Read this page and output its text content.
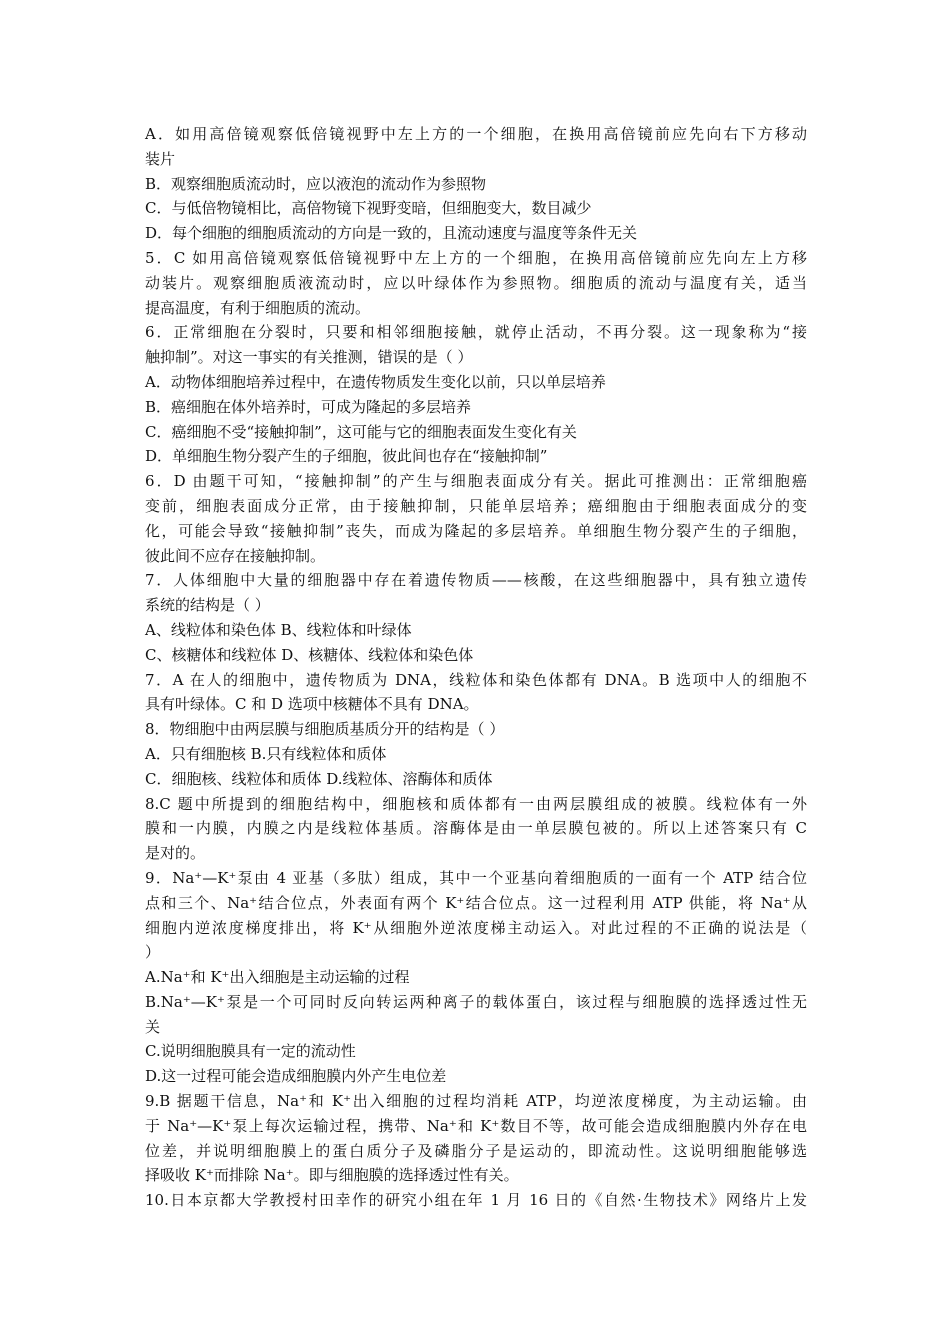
A．如用高倍镜观察低倍镜视野中左上方的一个细胞，在换用高倍镜前应先向右下方移动
装片
B．观察细胞质流动时，应以液泡的流动作为参照物
C．与低倍物镜相比，高倍物镜下视野变暗，但细胞变大，数目减少
D．每个细胞的细胞质流动的方向是一致的，且流动速度与温度等条件无关
5．C 如用高倍镜观察低倍镜视野中左上方的一个细胞，在换用高倍镜前应先向左上方移
动装片。观察细胞质液流动时，应以叶绿体作为参照物。细胞质的流动与温度有关，适当
提高温度，有利于细胞质的流动。
6．正常细胞在分裂时，只要和相邻细胞接触，就停止活动，不再分裂。这一现象称为“接
触抑制”。对这一事实的有关推测，错误的是（ ）
A．动物体细胞培养过程中，在遗传物质发生变化以前，只以单层培养
B．癌细胞在体外培养时，可成为隆起的多层培养
C．癌细胞不受“接触抑制”，这可能与它的细胞表面发生变化有关
D．单细胞生物分裂产生的子细胞，彼此间也存在“接触抑制”
6．D 由题干可知，“接触抑制”的产生与细胞表面成分有关。据此可推测出：正常细胞癌
变前，细胞表面成分正常，由于接触抑制，只能单层培养；癌细胞由于细胞表面成分的变
化，可能会导致“接触抑制”丧失，而成为隆起的多层培养。单细胞生物分裂产生的子细胞，
彼此间不应存在接触抑制。
7．人体细胞中大量的细胞器中存在着遗传物质——核酸，在这些细胞器中，具有独立遗传
系统的结构是（ ）
A、线粒体和染色体 B、线粒体和叶绿体
C、核糖体和线粒体 D、核糖体、线粒体和染色体
7．A 在人的细胞中，遗传物质为 DNA，线粒体和染色体都有 DNA。B 选项中人的细胞不
具有叶绿体。C 和 D 选项中核糖体不具有 DNA。
8．物细胞中由两层膜与细胞质基质分开的结构是（ ）
A．只有细胞核 B.只有线粒体和质体
C．细胞核、线粒体和质体 D.线粒体、溶酶体和质体
8.C 题中所提到的细胞结构中，细胞核和质体都有一由两层膜组成的被膜。线粒体有一外
膜和一内膜，内膜之内是线粒体基质。溶酶体是由一单层膜包被的。所以上述答案只有 C
是对的。
9．Na⁺—K⁺泵由 4 亚基（多肽）组成，其中一个亚基向着细胞质的一面有一个 ATP 结合位
点和三个、Na⁺结合位点，外表面有两个 K⁺结合位点。这一过程利用 ATP 供能，将 Na⁺从
细胞内逆浓度梯度排出，将 K⁺从细胞外逆浓度梯主动运入。对此过程的不正确的说法是（
）
A.Na⁺和 K⁺出入细胞是主动运输的过程
B.Na⁺—K⁺泵是一个可同时反向转运两种离子的载体蛋白，该过程与细胞膜的选择透过性无
关
C.说明细胞膜具有一定的流动性
D.这一过程可能会造成细胞膜内外产生电位差
9.B 据题干信息，Na⁺和 K⁺出入细胞的过程均消耗 ATP，均逆浓度梯度，为主动运输。由
于 Na⁺—K⁺泵上每次运输过程，携带、Na⁺和 K⁺数目不等，故可能会造成细胞膜内外存在电
位差，并说明细胞膜上的蛋白质分子及磷脂分子是运动的，即流动性。这说明细胞能够选
择吸收 K⁺而排除 Na⁺。即与细胞膜的选择透过性有关。
10.日本京都大学教授村田幸作的研究小组在年 1 月 16 日的《自然·生物技术》网络片上发
